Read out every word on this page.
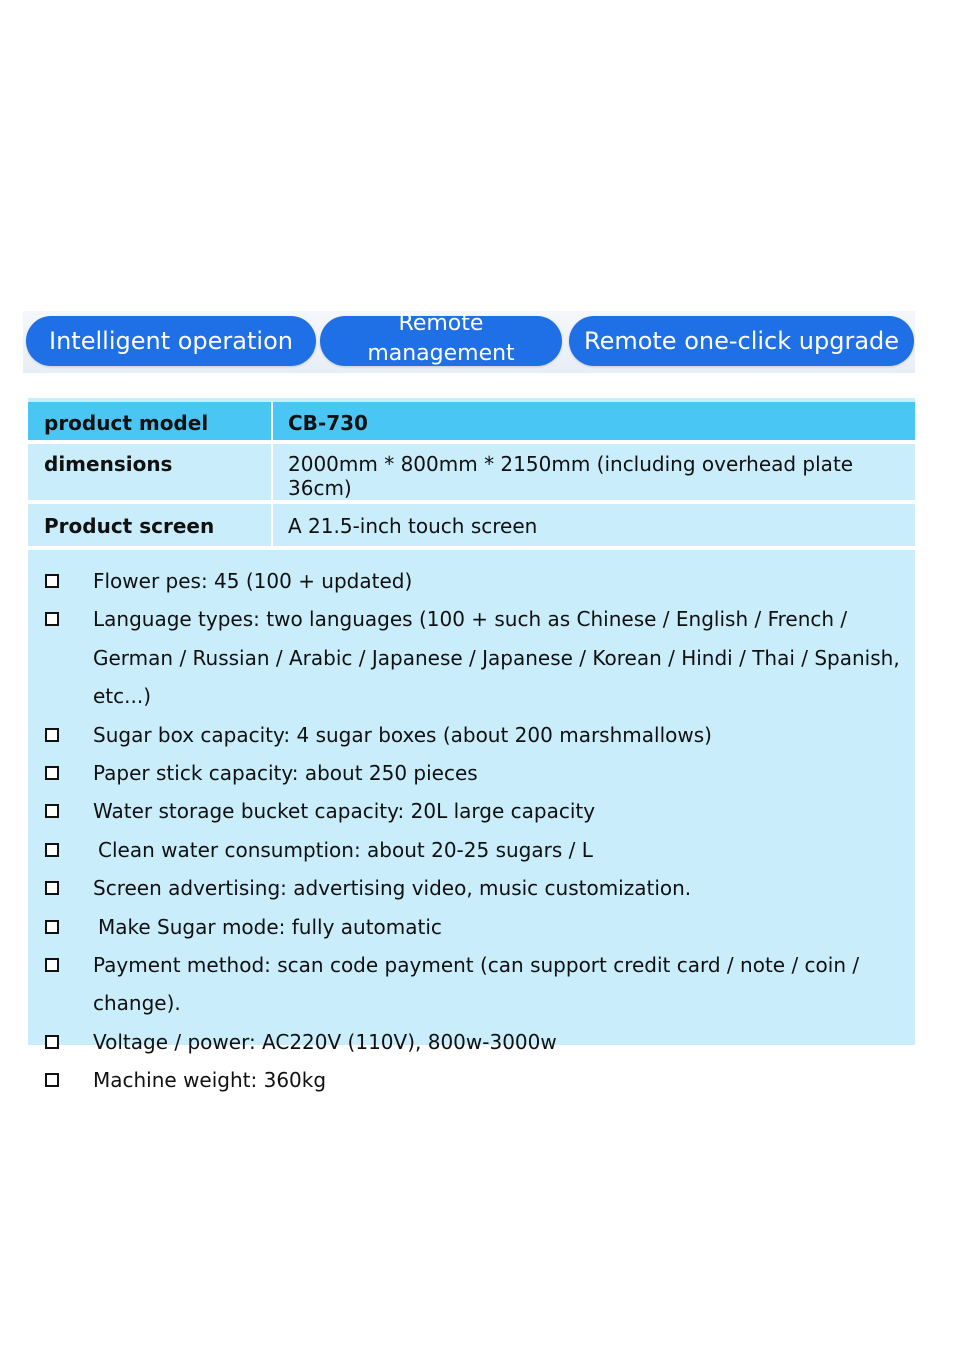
Intelligent operation
Remote
management	Remote one-click upgrade
product model	CB-730
dimensions	2000mm * 800mm * 2150mm (including overhead plate 36cm)
Product screen	A 21.5-inch touch screen
Flower pes: 45 (100 + updated)
Language types: two languages (100 + such as Chinese / English / French / German / Russian / Arabic / Japanese / Japanese / Korean / Hindi / Thai / Spanish, etc...)
Sugar box capacity: 4 sugar boxes (about 200 marshmallows)
Paper stick capacity: about 250 pieces
Water storage bucket capacity: 20L large capacity
Clean water consumption: about 20-25 sugars / L
Screen advertising: advertising video, music customization.
Make Sugar mode: fully automatic
Payment method: scan code payment (can support credit card / note / coin / change).
Voltage / power: AC220V (110V), 800w-3000w
Machine weight: 360kg
